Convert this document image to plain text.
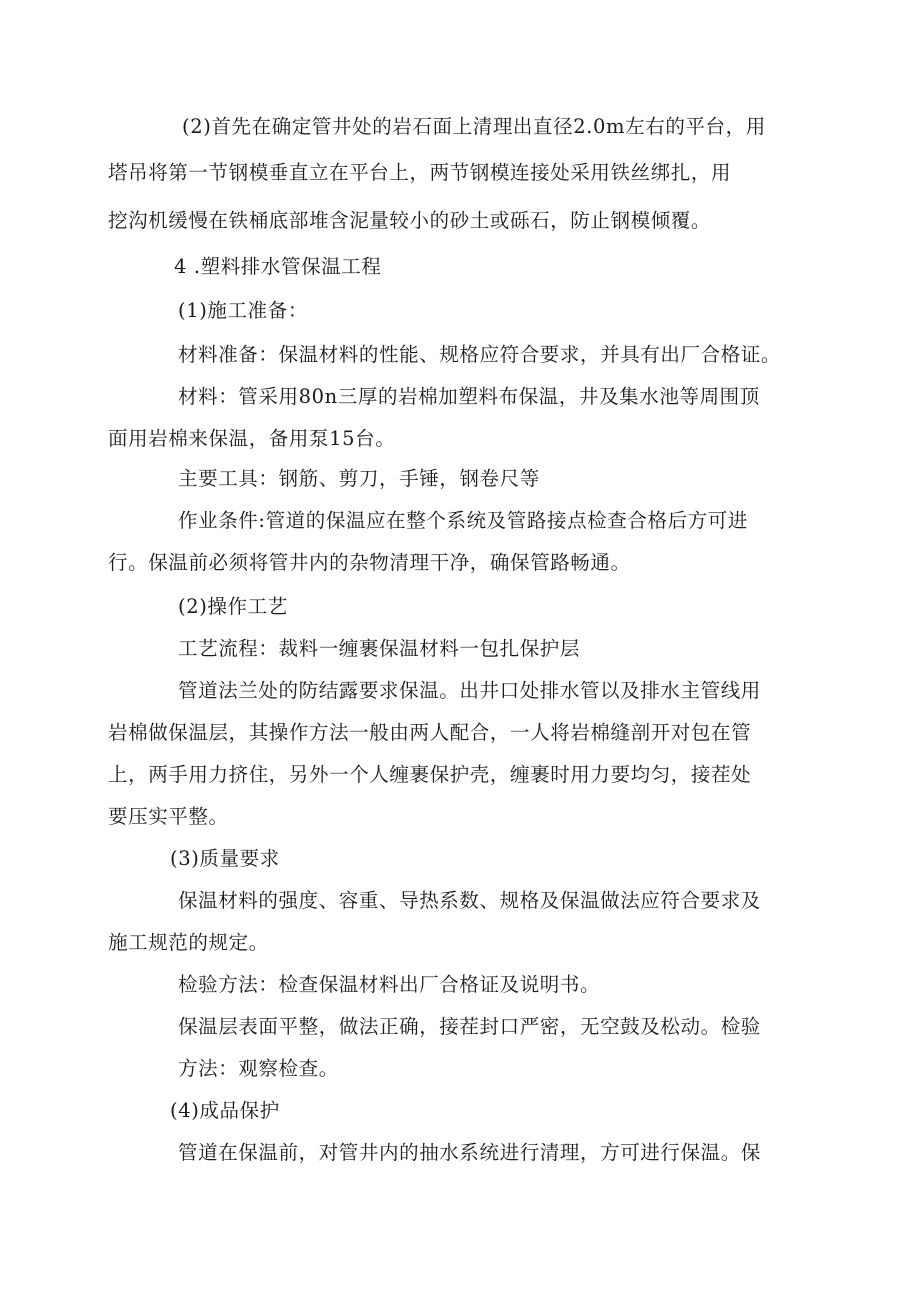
(2)首先在确定管井处的岩石面上清理出直径2.0m左右的平台，用
塔吊将第一节钢模垂直立在平台上，两节钢模连接处采用铁丝绑扎，用
挖沟机缓慢在铁桶底部堆含泥量较小的砂土或砾石，防止钢模倾覆。
4 .塑料排水管保温工程
(1)施工准备：
材料准备：保温材料的性能、规格应符合要求，并具有出厂合格证。
材料：管采用80n三厚的岩棉加塑料布保温，井及集水池等周围顶
面用岩棉来保温，备用泵15台。
主要工具：钢筋、剪刀，手锤，钢卷尺等
作业条件:管道的保温应在整个系统及管路接点检查合格后方可进
行。保温前必须将管井内的杂物清理干净，确保管路畅通。
(2)操作工艺
工艺流程：裁料一缠裹保温材料一包扎保护层
管道法兰处的防结露要求保温。出井口处排水管以及排水主管线用
岩棉做保温层，其操作方法一般由两人配合，一人将岩棉缝剖开对包在管
上，两手用力挤住，另外一个人缠裹保护壳，缠裹时用力要均匀，接茬处
要压实平整。
(3)质量要求
保温材料的强度、容重、导热系数、规格及保温做法应符合要求及
施工规范的规定。
检验方法：检查保温材料出厂合格证及说明书。
保温层表面平整，做法正确，接茬封口严密，无空鼓及松动。检验
方法：观察检查。
(4)成品保护
管道在保温前，对管井内的抽水系统进行清理，方可进行保温。保
